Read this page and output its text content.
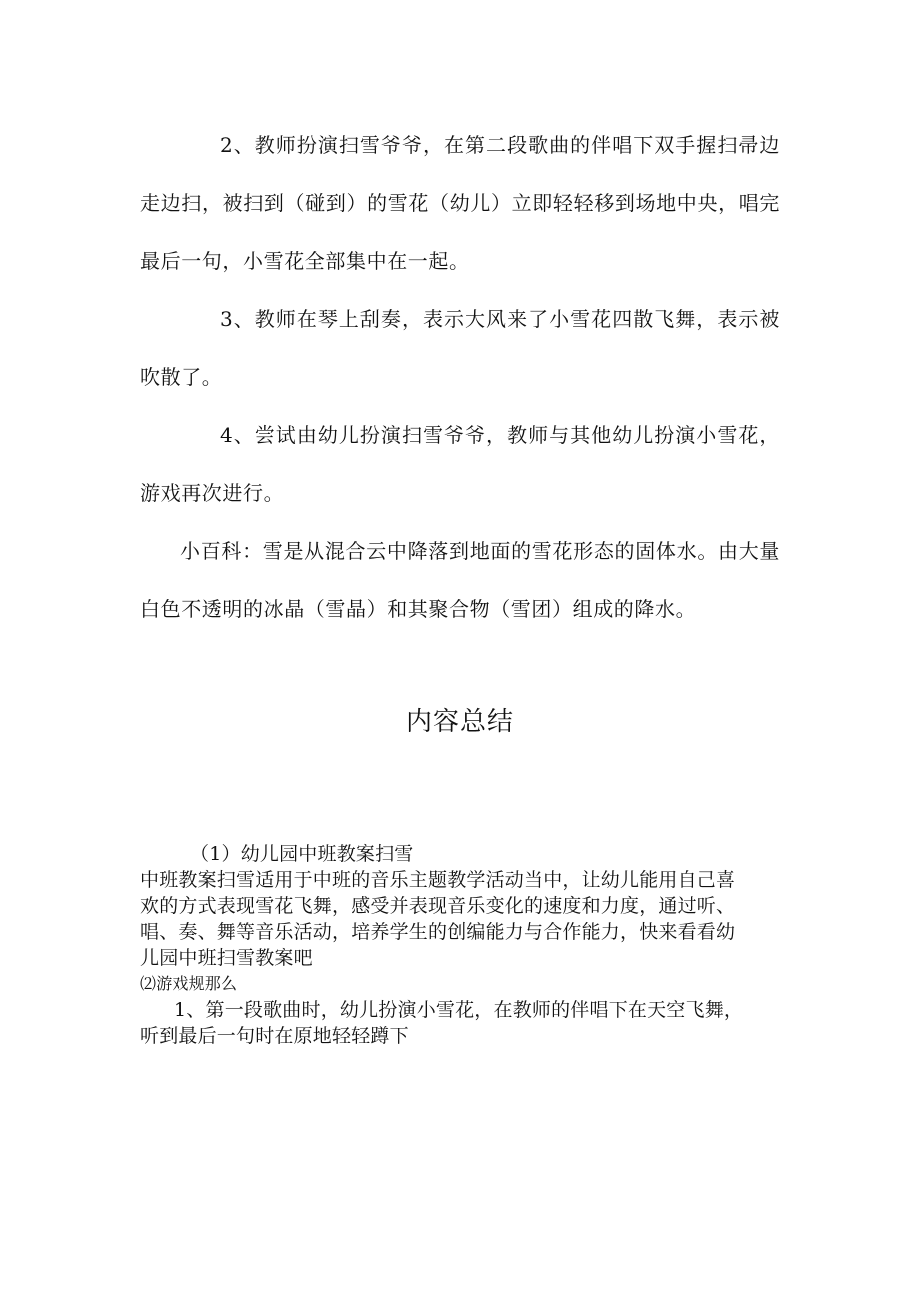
2、教师扮演扫雪爷爷，在第二段歌曲的伴唱下双手握扫帚边走边扫，被扫到（碰到）的雪花（幼儿）立即轻轻移到场地中央，唱完最后一句，小雪花全部集中在一起。

3、教师在琴上刮奏，表示大风来了小雪花四散飞舞，表示被吹散了。

4、尝试由幼儿扮演扫雪爷爷，教师与其他幼儿扮演小雪花，游戏再次进行。

小百科：雪是从混合云中降落到地面的雪花形态的固体水。由大量白色不透明的冰晶（雪晶）和其聚合物（雪团）组成的降水。

内容总结
（1）幼儿园中班教案扫雪
中班教案扫雪适用于中班的音乐主题教学活动当中，让幼儿能用自己喜
欢的方式表现雪花飞舞，感受并表现音乐变化的速度和力度，通过听、
唱、奏、舞等音乐活动，培养学生的创编能力与合作能力，快来看看幼
儿园中班扫雪教案吧
⑵游戏规那么
1、第一段歌曲时，幼儿扮演小雪花，在教师的伴唱下在天空飞舞，
听到最后一句时在原地轻轻蹲下
